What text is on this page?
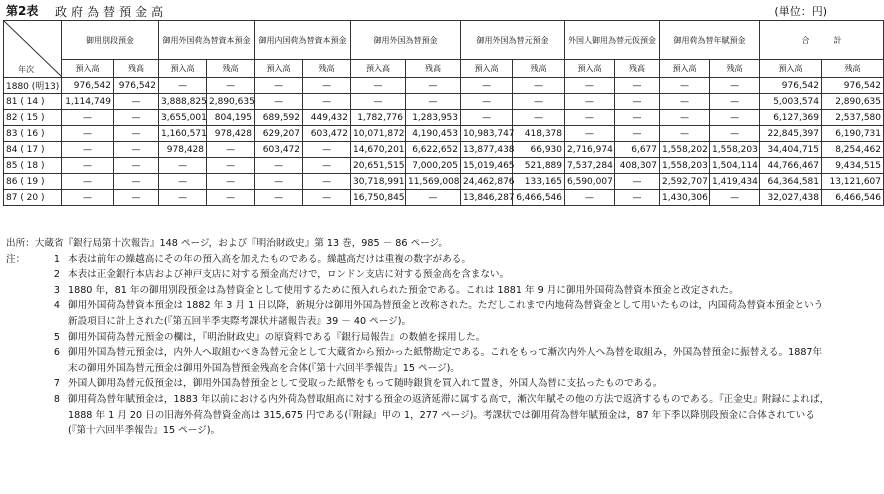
第2表 政府為替預金高	(単位：円)
年次	御用別段預金		御用外国荷為替資本預金		御用内国荷為替資本預金		御用外国為替預金		御用外国為替元預金		外国人御用為替元仮預金		御用荷為替年賦預金		合　　　計	
	預入高	残高	預入高	残高	預入高	残高	預入高	残高	預入高	残高	預入高	残高	預入高	残高	預入高	残高
1880 (明13)	976,542	976,542	—	—	—	—	—	—	—	—	—	—	—	—	976,542	976,542
81 ( 14 )	1,114,749	—	3,888,825	2,890,635	—	—	—	—	—	—	—	—	—	—	5,003,574	2,890,635
82 ( 15 )	—	—	3,655,001	804,195	689,592	449,432	1,782,776	1,283,953	—	—	—	—	—	—	6,127,369	2,537,580
83 ( 16 )	—	—	1,160,571	978,428	629,207	603,472	10,071,872	4,190,453	10,983,747	418,378	—	—	—	—	22,845,397	6,190,731
84 ( 17 )	—	—	978,428	—	603,472	—	14,670,201	6,622,652	13,877,438	66,930	2,716,974	6,677	1,558,202	1,558,203	34,404,715	8,254,462
85 ( 18 )	—	—	—	—	—	—	20,651,515	7,000,205	15,019,465	521,889	7,537,284	408,307	1,558,203	1,504,114	44,766,467	9,434,515
86 ( 19 )	—	—	—	—	—	—	30,718,991	11,569,008	24,462,876	133,165	6,590,007	—	2,592,707	1,419,434	64,364,581	13,121,607
87 ( 20 )	—	—	—	—	—	—	16,750,845	—	13,846,287	6,466,546	—	—	1,430,306	—	32,027,438	6,466,546
出所：大蔵省『銀行局第十次報告』148 ページ，および『明治財政史』第 13 巻，985 － 86 ページ。
注：	1 本表は前年の繰越高にその年の預入高を加えたものである。繰越高だけは重複の数字がある。
2 本表は正金銀行本店および神戸支店に対する預金高だけで，ロンドン支店に対する預金高を含まない。
3 1880 年，81 年の御用別段預金は為替資金として使用するために預入れられた預金である。これは 1881 年 9 月に御用外国荷為替資本預金と改定された。
4 御用外国荷為替資本預金は 1882 年 3 月 1 日以降，新規分は御用外国為替預金と改称された。ただしこれまで内地荷為替資金として用いたものは，内国荷為替資本預金という新設項目に計上された(『第五回半季実際考課状并諸報告表』39 － 40 ページ)。
5 御用外国荷為替元預金の欄は，『明治財政史』の原資料である『銀行局報告』の数値を採用した。
6 御用外国為替元預金は，内外人へ取組むべき為替元金として大蔵省から預かった紙幣勘定である。これをもって漸次内外人へ為替を取組み，外国為替預金に振替える。1887年末の御用外国為替元預金は御用外国為替預金残高を合体(『第十六回半季報告』15 ページ)。
7 外国人御用為替元仮預金は，御用外国為替預金として受取った紙幣をもって随時銀貨を買入れて置き，外国人為替に支払ったものである。
8 御用荷為替年賦預金は，1883 年以前における内外荷為替取組高に対する預金の返済延滞に属する高で，漸次年賦その他の方法で返済するものである。『正金史』附録によれば，1888 年 1 月 20 日の旧海外荷為替資金高は 315,675 円である(『附録』甲の 1，277 ページ)。考課状では御用荷為替年賦預金は，87 年下季以降別段預金に合体されている(『第十六回半季報告』15 ページ)。
